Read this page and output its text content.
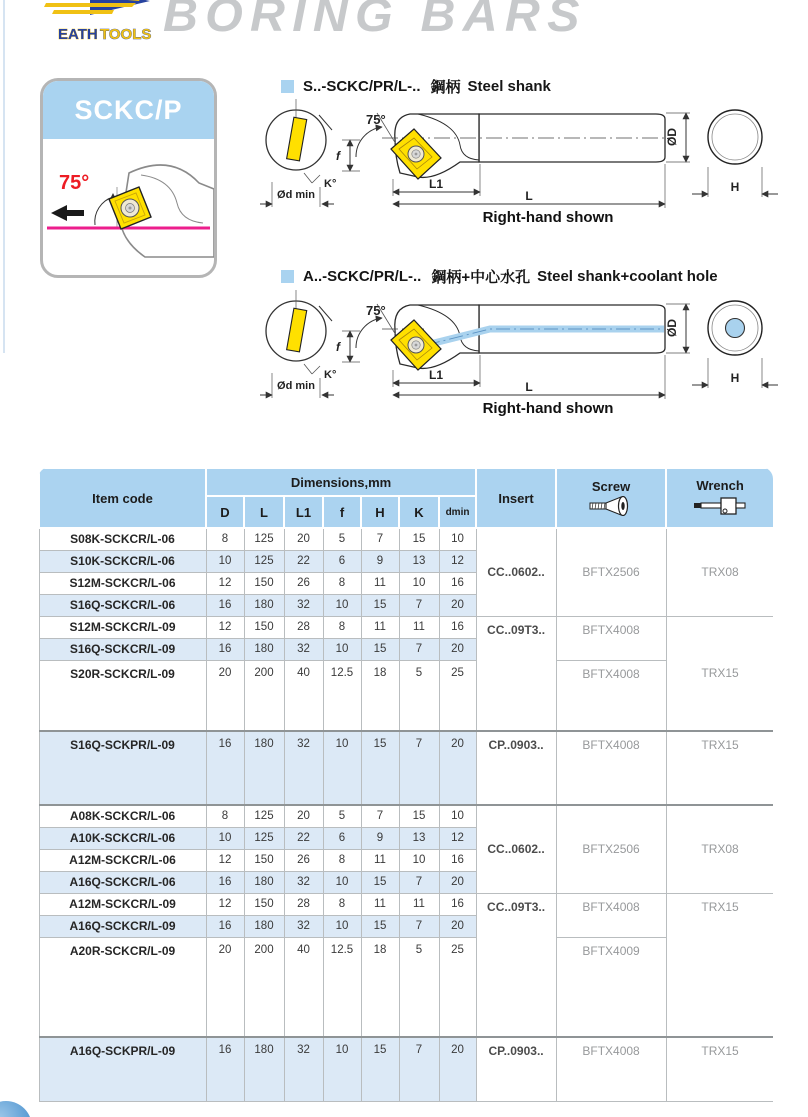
EATH TOOLS BORING BARS
SCKC/P
75°
S..-SCKC/PR/L-.. 鋼柄 Steel shank
K°
Ød min
75°
f
L1
L
ØD
H
Right-hand shown
A..-SCKC/PR/L-.. 鋼柄+中心水孔 Steel shank+coolant hole
K°
Ød min
75°
f
L1
L
ØD
H
Right-hand shown
Item code	Dimensions,mm							Insert	Screw	Wrench

	D	L	L1	f	H	K	dmin			
S08K-SCKCR/L-06	8	125	20	5	7	15	10	CC..0602..	BFTX2506	TRX08
S10K-SCKCR/L-06	10	125	22	6	9	13	12			
S12M-SCKCR/L-06	12	150	26	8	11	10	16			
S16Q-SCKCR/L-06	16	180	32	10	15	7	20			
S12M-SCKCR/L-09	12	150	28	8	11	11	16	CC..09T3..	BFTX4008	TRX15
S16Q-SCKCR/L-09	16	180	32	10	15	7	20			
S20R-SCKCR/L-09	20	200	40	12.5	18	5	25		BFTX4008	
S16Q-SCKPR/L-09	16	180	32	10	15	7	20	CP..0903..	BFTX4008	TRX15
A08K-SCKCR/L-06	8	125	20	5	7	15	10	CC..0602..	BFTX2506	TRX08
A10K-SCKCR/L-06	10	125	22	6	9	13	12			
A12M-SCKCR/L-06	12	150	26	8	11	10	16			
A16Q-SCKCR/L-06	16	180	32	10	15	7	20			
A12M-SCKCR/L-09	12	150	28	8	11	11	16	CC..09T3..	BFTX4008	TRX15
A16Q-SCKCR/L-09	16	180	32	10	15	7	20			
A20R-SCKCR/L-09	20	200	40	12.5	18	5	25		BFTX4009	
A16Q-SCKPR/L-09	16	180	32	10	15	7	20	CP..0903..	BFTX4008	TRX15
